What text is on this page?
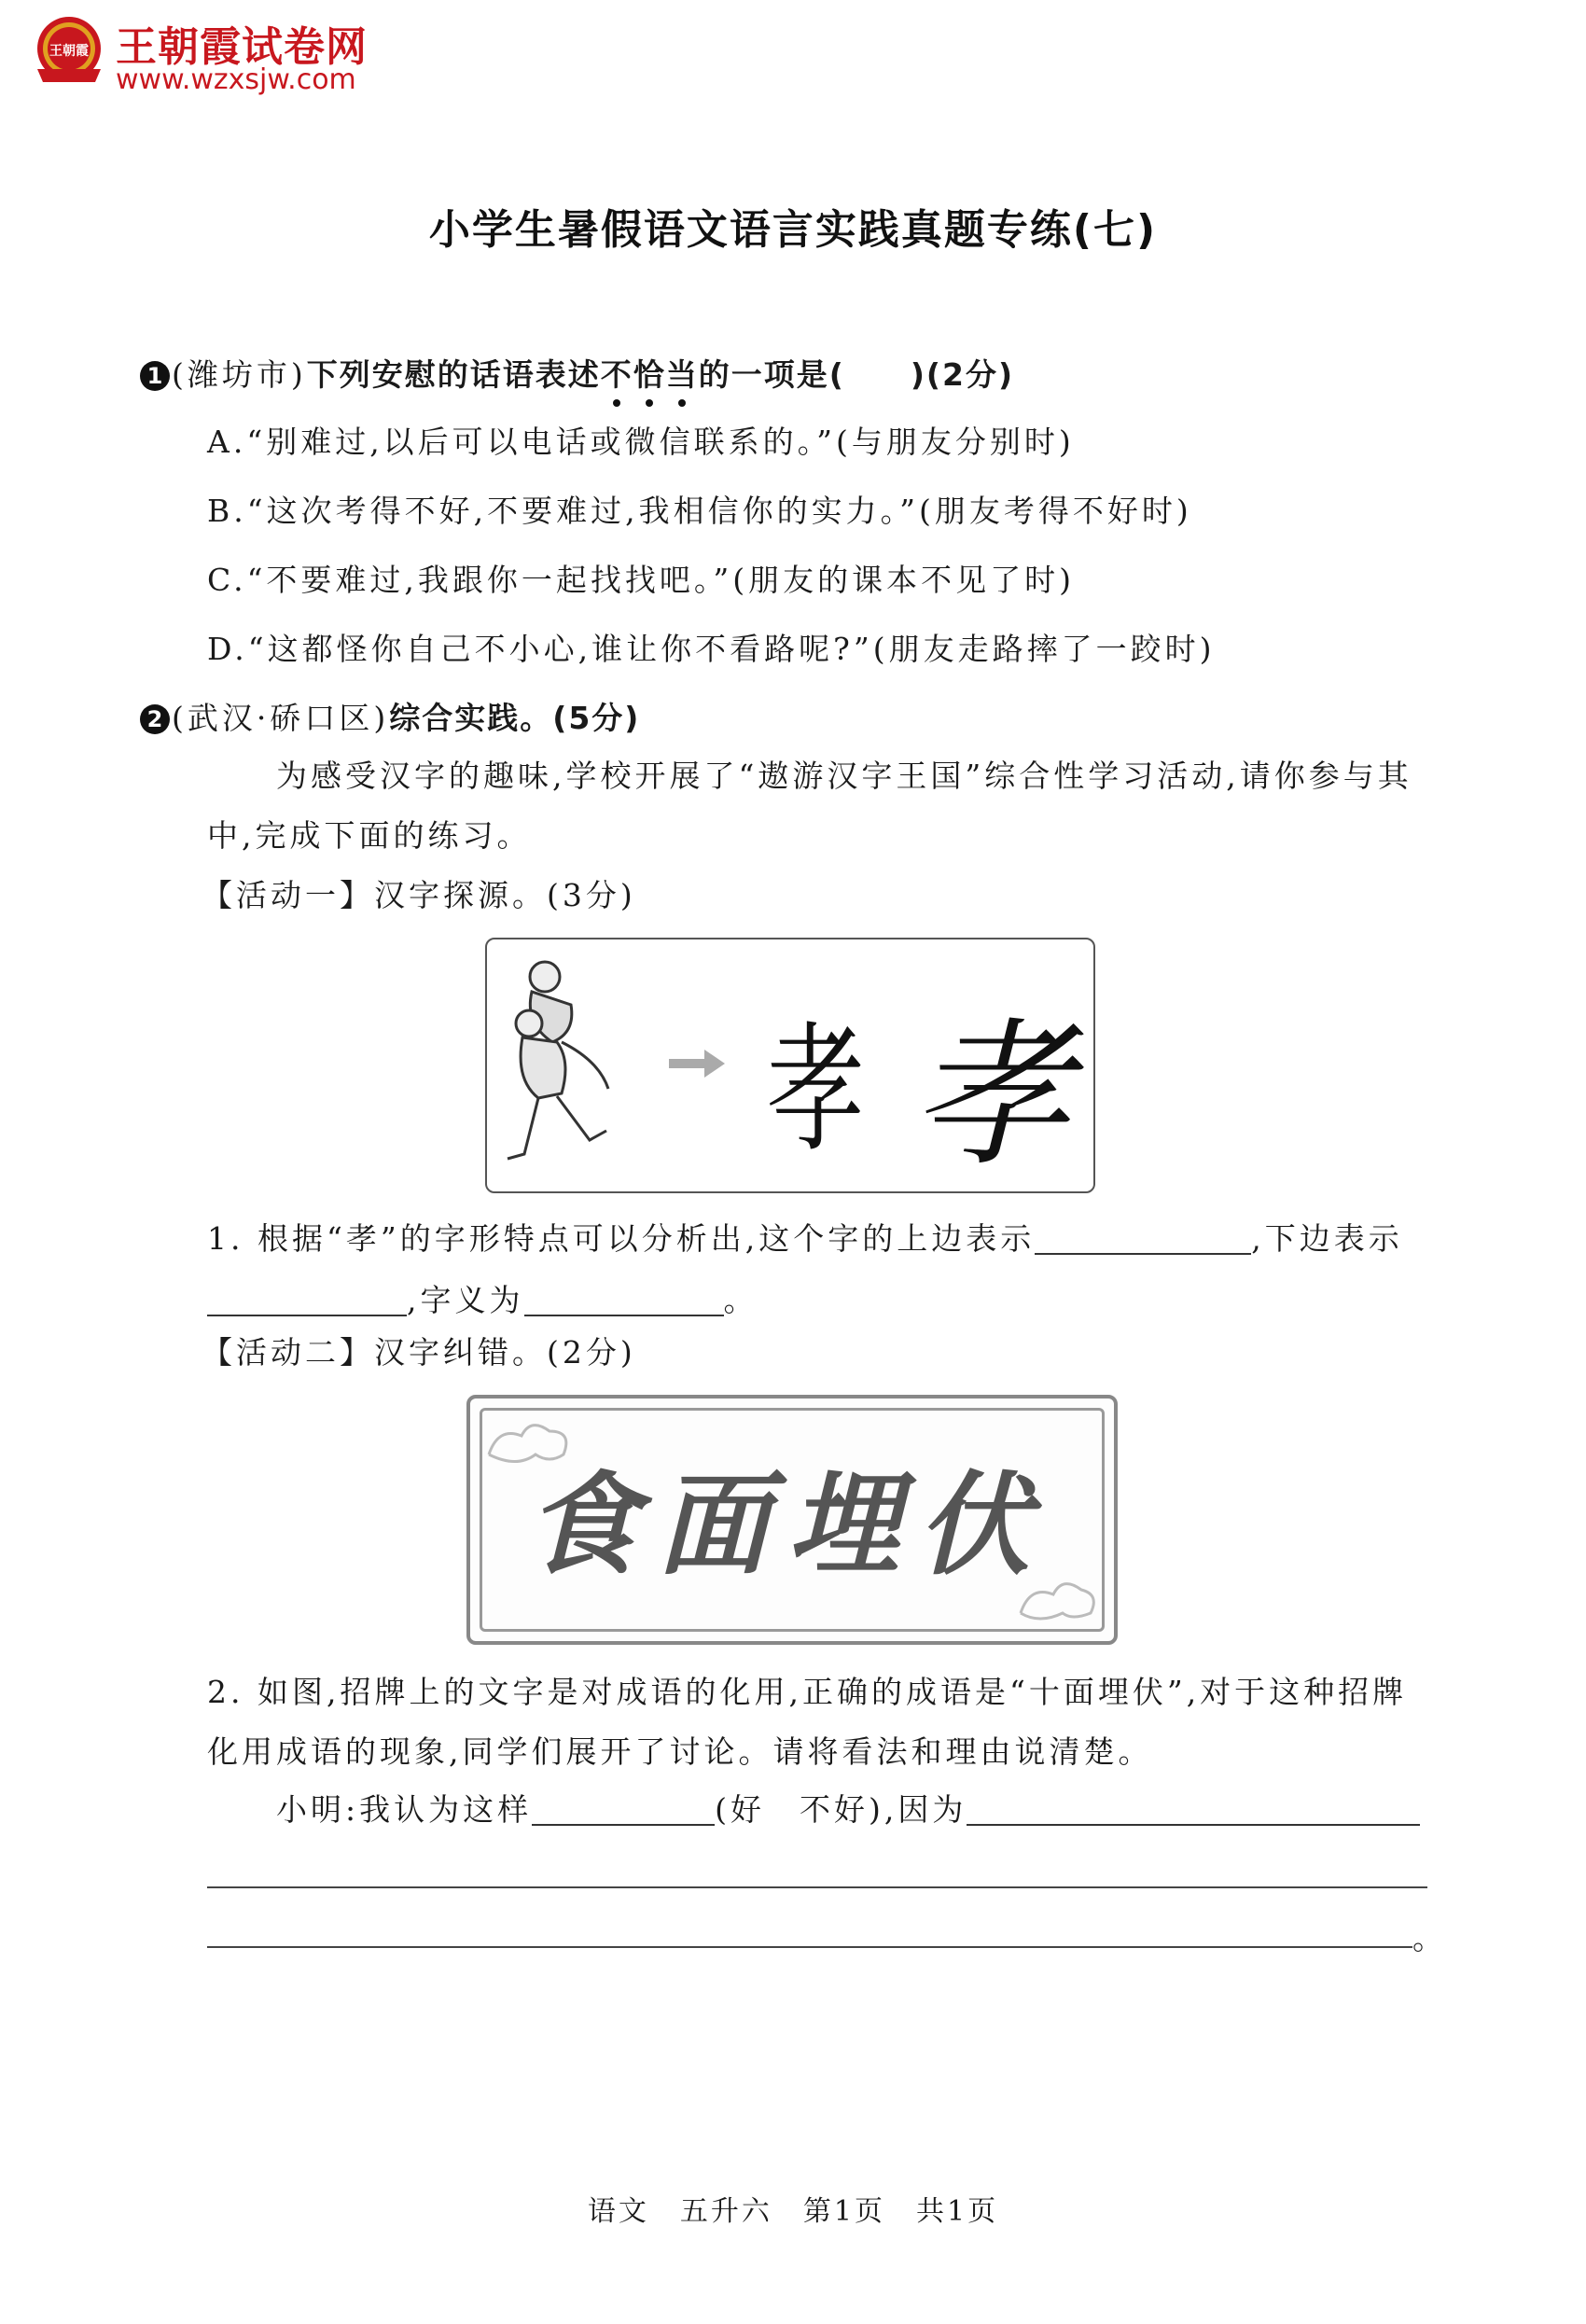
王朝霞 王朝霞试卷网
www.wzxsjw.com
小学生暑假语文语言实践真题专练(七)
1 (潍坊市)下列安慰的话语表述不恰当的一项是(　　)(2分)
A.“别难过,以后可以电话或微信联系的。”(与朋友分别时)
B.“这次考得不好,不要难过,我相信你的实力。”(朋友考得不好时)
C.“不要难过,我跟你一起找找吧。”(朋友的课本不见了时)
D.“这都怪你自己不小心,谁让你不看路呢?”(朋友走路摔了一跤时)
2 (武汉·硚口区)综合实践。(5分)
为感受汉字的趣味,学校开展了“遨游汉字王国”综合性学习活动,请你参与其
中,完成下面的练习。
【活动一】汉字探源。(3分)
孝 孝
1. 根据“孝”的字形特点可以分析出,这个字的上边表示	,下边表示
,字义为	。
【活动二】汉字纠错。(2分)
食面埋伏
2. 如图,招牌上的文字是对成语的化用,正确的成语是“十面埋伏”,对于这种招牌
化用成语的现象,同学们展开了讨论。请将看法和理由说清楚。
小明:我认为这样	(好　不好),因为
。
语文　五升六　第1页　共1页
